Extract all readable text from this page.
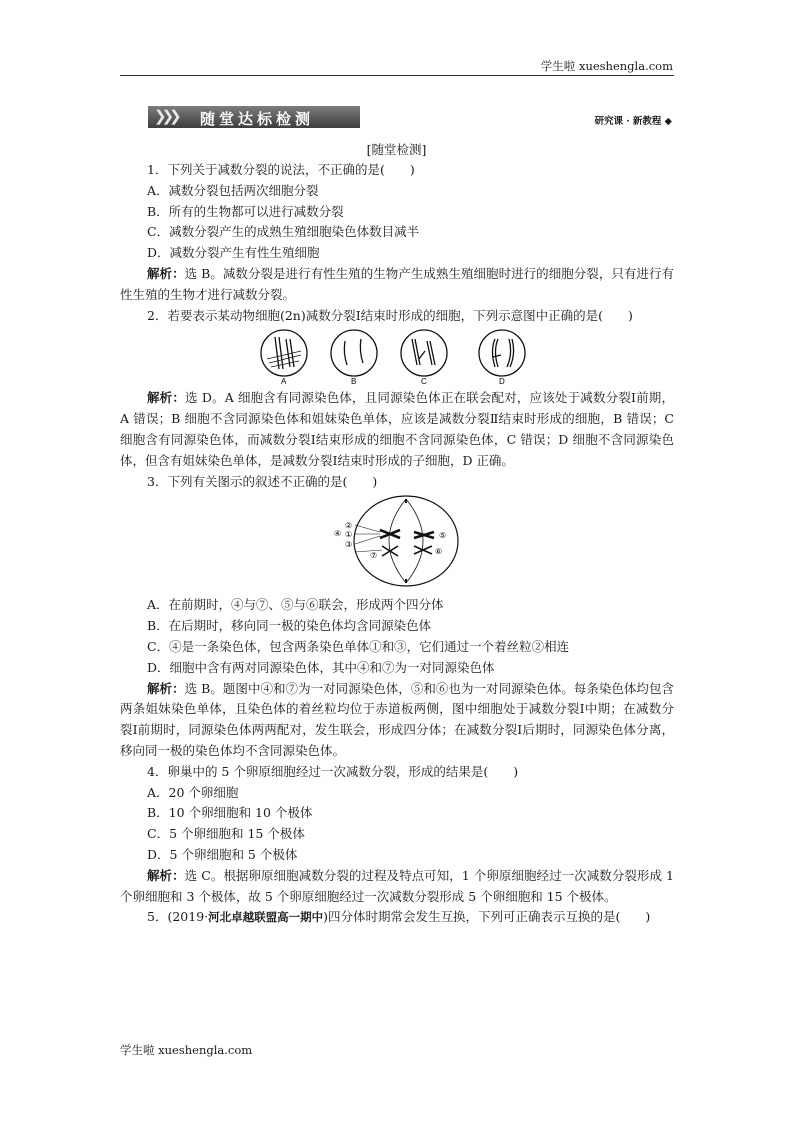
学生啦 xueshengla.com
❯❯❯ 随堂达标检测	研究课 · 新教程 ◆
[随堂检测]

1．下列关于减数分裂的说法，不正确的是(　　)

A．减数分裂包括两次细胞分裂

B．所有的生物都可以进行减数分裂

C．减数分裂产生的成熟生殖细胞染色体数目减半

D．减数分裂产生有性生殖细胞

解析：选 B。减数分裂是进行有性生殖的生物产生成熟生殖细胞时进行的细胞分裂，只有进行有性生殖的生物才进行减数分裂。

2．若要表示某动物细胞(2n)减数分裂Ⅰ结束时形成的细胞，下列示意图中正确的是(　　)

A	B	C	D

解析：选 D。A 细胞含有同源染色体，且同源染色体正在联会配对，应该处于减数分裂Ⅰ前期，A 错误；B 细胞不含同源染色体和姐妹染色单体，应该是减数分裂Ⅱ结束时形成的细胞，B 错误；C 细胞含有同源染色体，而减数分裂Ⅰ结束形成的细胞不含同源染色体，C 错误；D 细胞不含同源染色体，但含有姐妹染色单体，是减数分裂Ⅰ结束时形成的子细胞，D 正确。

3．下列有关图示的叙述不正确的是(　　)

②
④ ①
③
⑦
⑤
⑥

A．在前期时，④与⑦、⑤与⑥联会，形成两个四分体

B．在后期时，移向同一极的染色体均含同源染色体

C．④是一条染色体，包含两条染色单体①和③，它们通过一个着丝粒②相连

D．细胞中含有两对同源染色体，其中④和⑦为一对同源染色体

解析：选 B。题图中④和⑦为一对同源染色体，⑤和⑥也为一对同源染色体。每条染色体均包含两条姐妹染色单体，且染色体的着丝粒均位于赤道板两侧，图中细胞处于减数分裂Ⅰ中期；在减数分裂Ⅰ前期时，同源染色体两两配对，发生联会，形成四分体；在减数分裂Ⅰ后期时，同源染色体分离，移向同一极的染色体均不含同源染色体。

4．卵巢中的 5 个卵原细胞经过一次减数分裂，形成的结果是(　　)

A．20 个卵细胞

B．10 个卵细胞和 10 个极体

C．5 个卵细胞和 15 个极体

D．5 个卵细胞和 5 个极体

解析：选 C。根据卵原细胞减数分裂的过程及特点可知，1 个卵原细胞经过一次减数分裂形成 1 个卵细胞和 3 个极体，故 5 个卵原细胞经过一次减数分裂形成 5 个卵细胞和 15 个极体。

5．(2019·河北卓越联盟高一期中)四分体时期常会发生互换，下列可正确表示互换的是(　　)

学生啦 xueshengla.com
